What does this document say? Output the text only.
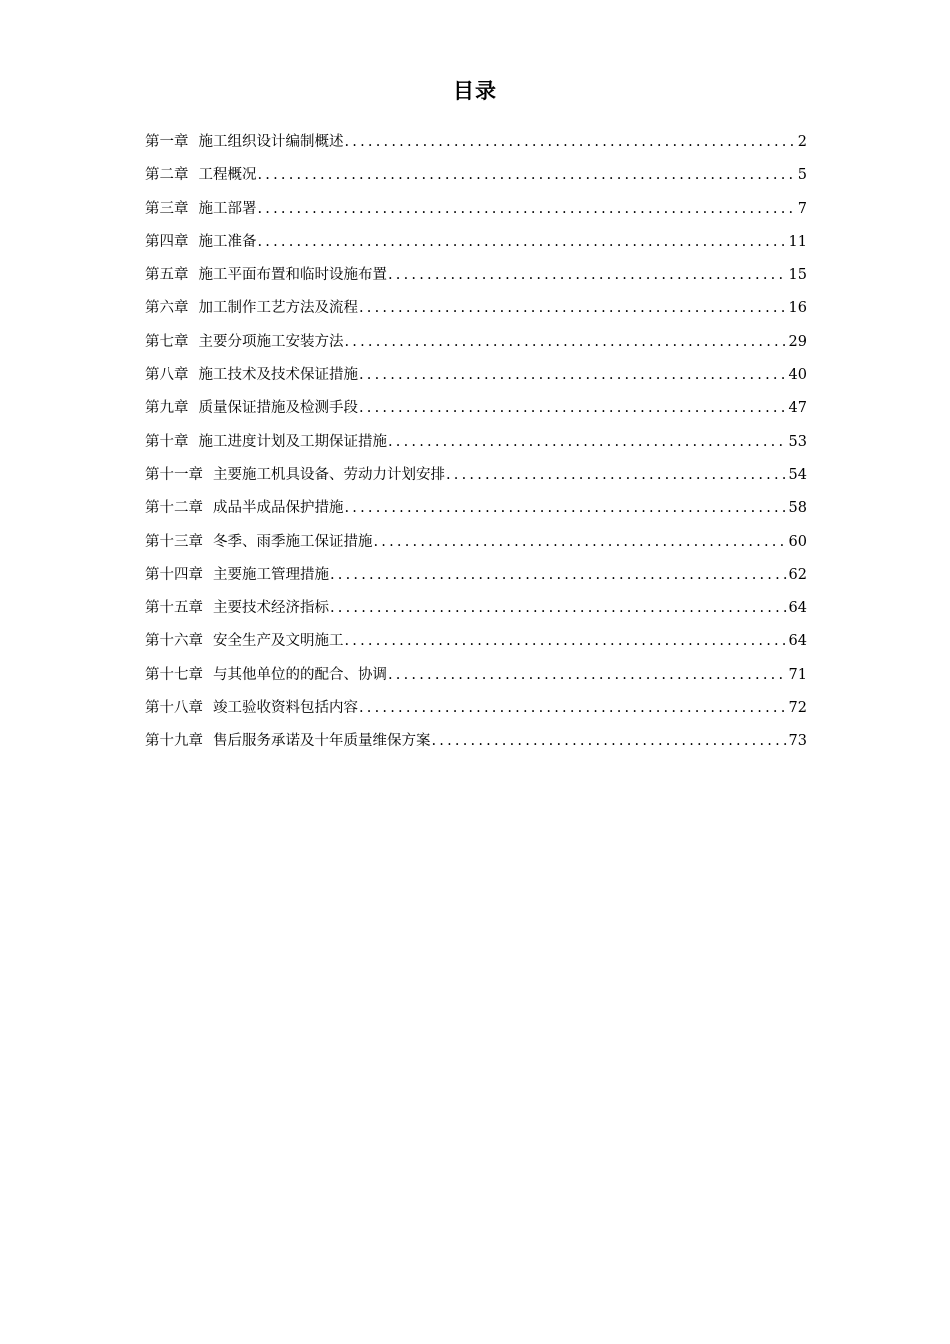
目录
第一章 施工组织设计编制概述 .....	2
第二章 工程概况 .....	5
第三章 施工部署 .....	7
第四章 施工准备 .....	11
第五章 施工平面布置和临时设施布置 .....	15
第六章 加工制作工艺方法及流程 .....	16
第七章 主要分项施工安装方法 .....	29
第八章 施工技术及技术保证措施 .....	40
第九章 质量保证措施及检测手段 .....	47
第十章 施工进度计划及工期保证措施 .....	53
第十一章 主要施工机具设备、劳动力计划安排 .....	54
第十二章 成品半成品保护措施 .....	58
第十三章 冬季、雨季施工保证措施 .....	60
第十四章 主要施工管理措施 .....	62
第十五章 主要技术经济指标 .....	64
第十六章 安全生产及文明施工 .....	64
第十七章 与其他单位的的配合、协调 .....	71
第十八章 竣工验收资料包括内容 .....	72
第十九章 售后服务承诺及十年质量维保方案 .....	73
